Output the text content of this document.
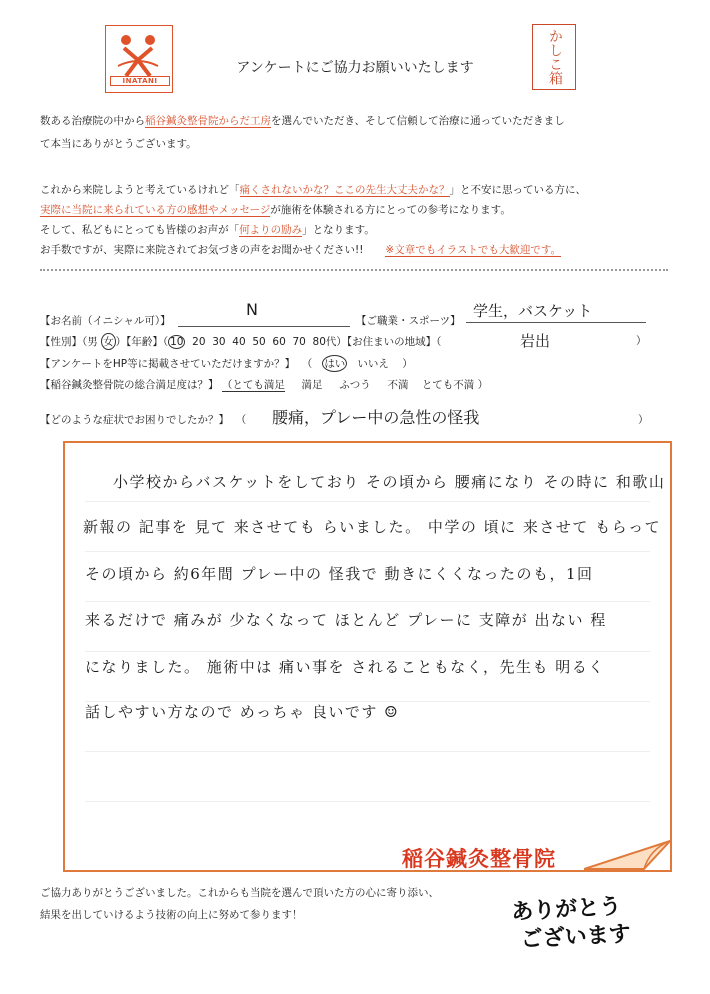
INATANI
アンケートにご協力お願いいたします	かしこ箱
数ある治療院の中から稲谷鍼灸整骨院からだ工房を選んでいただき、そして信頼して治療に通っていただきまし
て本当にありがとうございます。
これから来院しようと考えているけれど「痛くされないかな？ここの先生大丈夫かな？」と不安に思っている方に、
実際に当院に来られている方の感想やメッセージが施術を体験される方にとっての参考になります。
そして、私どもにとっても皆様のお声が「何よりの励み」となります。
お手数ですが、実際に来院されてお気づきの声をお聞かせください!! ※文章でもイラストでも大歓迎です。
【お名前（イニシャル可）】
N
【ご職業・スポーツ】
学生，バスケット
【性別】（男 女 ）【年齢】（ 10 20 30 40 50 60 70 80代）【お住まいの地域】（	岩出	）
【アンケートをHP等に掲載させていただけますか？】 （ はい いいえ ）
【稲谷鍼灸整骨院の総合満足度は？】 （とても満足 満足 ふつう 不満 とても不満 ）
【どのような症状でお困りでしたか？】 （ 腰痛，プレー中の急性の怪我	）
小学校からバスケットをしており その頃から 腰痛になり その時に 和歌山
新報の 記事を 見て 来させても らいました。 中学の 頃に 来させて もらって
その頃から 約6年間 プレー中の 怪我で 動きにくくなったのも，1回
来るだけで 痛みが 少なくなって ほとんど プレーに 支障が 出ない 程
になりました。 施術中は 痛い事を されることもなく，先生も 明るく
話しやすい方なので めっちゃ 良いです ☺
稲谷鍼灸整骨院
ご協力ありがとうございました。これからも当院を選んで頂いた方の心に寄り添い、
結果を出していけるよう技術の向上に努めて参ります！	ありがとう
ございます
